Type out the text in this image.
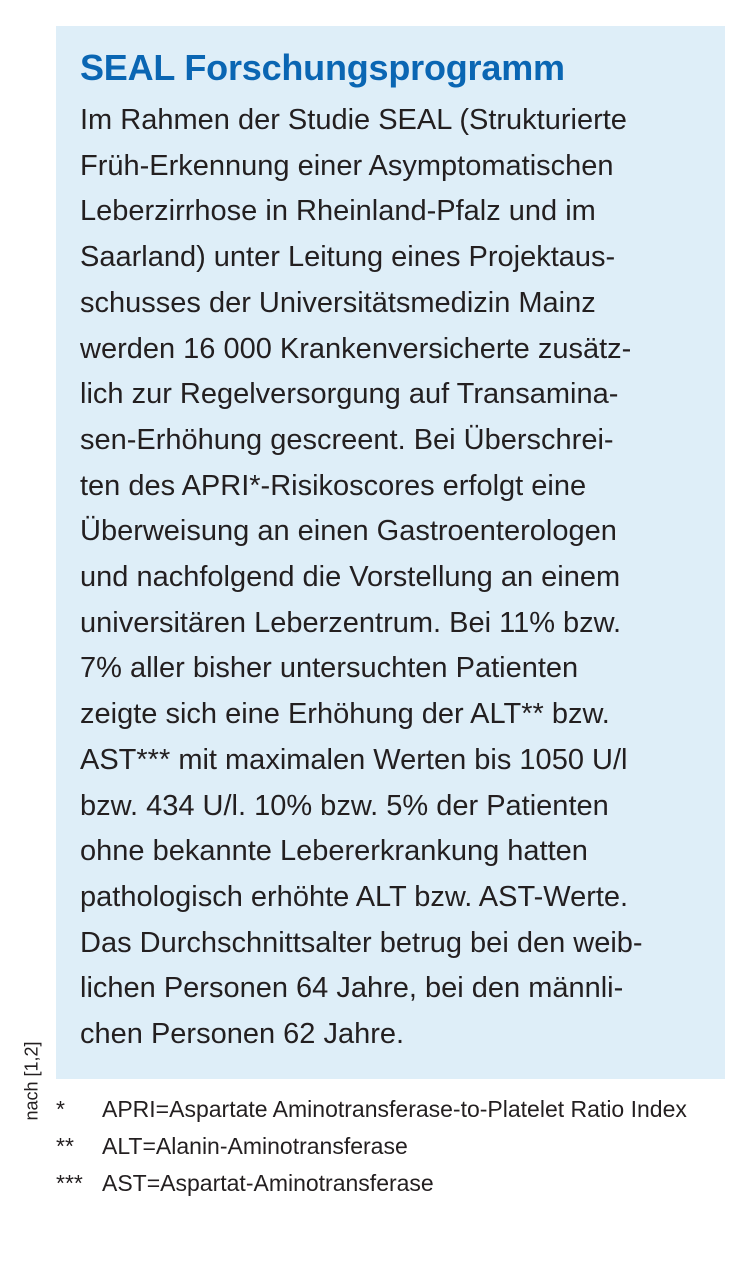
SEAL Forschungsprogramm

Im Rahmen der Studie SEAL (Strukturierte
Früh-Erkennung einer Asymptomatischen
Leberzirrhose in Rheinland-Pfalz und im
Saarland) unter Leitung eines Projektaus-
schusses der Universitätsmedizin Mainz
werden 16 000 Krankenversicherte zusätz-
lich zur Regelversorgung auf Transamina-
sen-Erhöhung gescreent. Bei Überschrei-
ten des APRI*-Risikoscores erfolgt eine
Überweisung an einen Gastroenterologen
und nachfolgend die Vorstellung an einem
universitären Leberzentrum. Bei 11% bzw.
7% aller bisher untersuchten Patienten
zeigte sich eine Erhöhung der ALT** bzw.
AST*** mit maximalen Werten bis 1050 U/l
bzw. 434 U/l. 10% bzw. 5% der Patienten
ohne bekannte Lebererkrankung hatten
pathologisch erhöhte ALT bzw. AST-Werte.
Das Durchschnittsalter betrug bei den weib-
lichen Personen 64 Jahre, bei den männli-
chen Personen 62 Jahre.

nach [1,2] *	APRI=Aspartate Aminotransferase-to-Platelet Ratio Index
**	ALT=Alanin-Aminotransferase
*** AST=Aspartat-Aminotransferase
